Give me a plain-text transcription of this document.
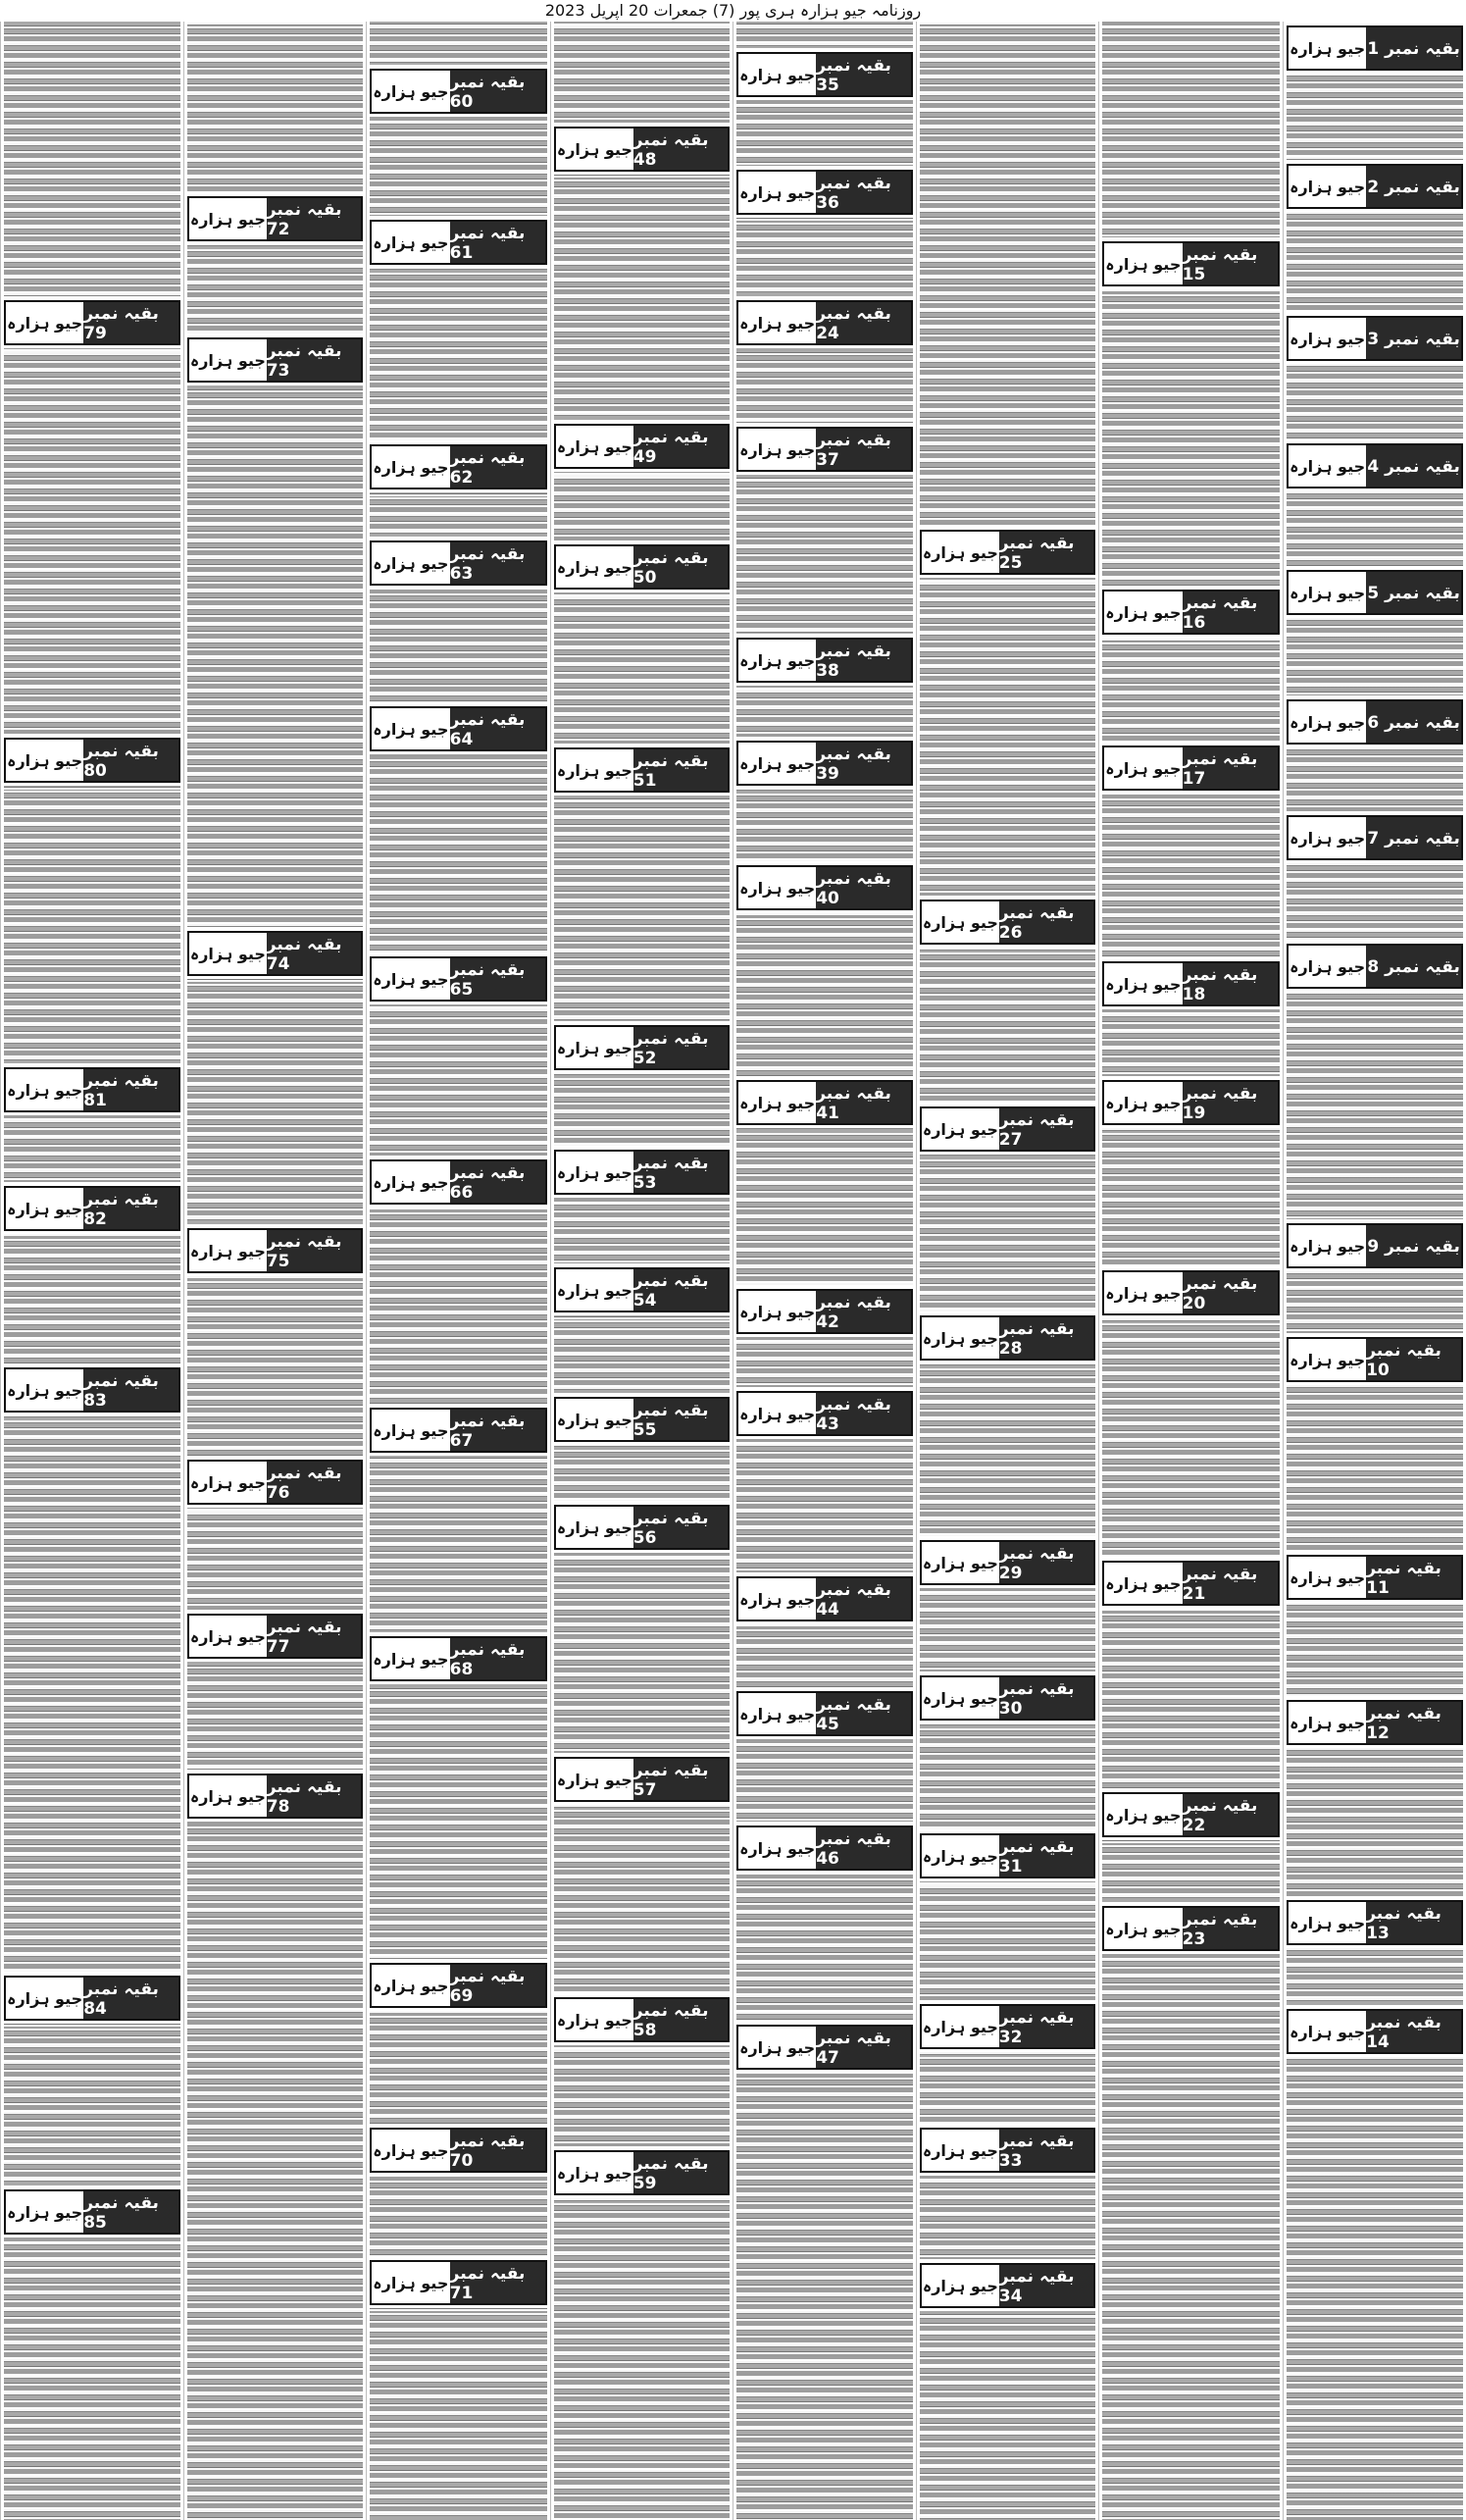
روزنامہ جیو ہزارہ ہری پور (7) جمعرات 20 اپریل 2023
جیو ہزارہ بقیہ نمبر 1
جیو ہزارہ بقیہ نمبر 2
جیو ہزارہ بقیہ نمبر 3
جیو ہزارہ بقیہ نمبر 4
جیو ہزارہ بقیہ نمبر 5
جیو ہزارہ بقیہ نمبر 6
جیو ہزارہ بقیہ نمبر 7
جیو ہزارہ بقیہ نمبر 8
جیو ہزارہ بقیہ نمبر 9
جیو ہزارہ بقیہ نمبر 10
جیو ہزارہ بقیہ نمبر 11
جیو ہزارہ بقیہ نمبر 12
جیو ہزارہ بقیہ نمبر 13
جیو ہزارہ بقیہ نمبر 14
جیو ہزارہ بقیہ نمبر 15
جیو ہزارہ بقیہ نمبر 16
جیو ہزارہ بقیہ نمبر 17
جیو ہزارہ بقیہ نمبر 18
جیو ہزارہ بقیہ نمبر 19
جیو ہزارہ بقیہ نمبر 20
جیو ہزارہ بقیہ نمبر 21
جیو ہزارہ بقیہ نمبر 22
جیو ہزارہ بقیہ نمبر 23
جیو ہزارہ بقیہ نمبر 25
جیو ہزارہ بقیہ نمبر 26
جیو ہزارہ بقیہ نمبر 27
جیو ہزارہ بقیہ نمبر 28
جیو ہزارہ بقیہ نمبر 29
جیو ہزارہ بقیہ نمبر 30
جیو ہزارہ بقیہ نمبر 31
جیو ہزارہ بقیہ نمبر 32
جیو ہزارہ بقیہ نمبر 33
جیو ہزارہ بقیہ نمبر 34
جیو ہزارہ بقیہ نمبر 35
جیو ہزارہ بقیہ نمبر 36
جیو ہزارہ بقیہ نمبر 24
جیو ہزارہ بقیہ نمبر 37
جیو ہزارہ بقیہ نمبر 38
جیو ہزارہ بقیہ نمبر 39
جیو ہزارہ بقیہ نمبر 40
جیو ہزارہ بقیہ نمبر 41
جیو ہزارہ بقیہ نمبر 42
جیو ہزارہ بقیہ نمبر 43
جیو ہزارہ بقیہ نمبر 44
جیو ہزارہ بقیہ نمبر 45
جیو ہزارہ بقیہ نمبر 46
جیو ہزارہ بقیہ نمبر 47
جیو ہزارہ بقیہ نمبر 48
جیو ہزارہ بقیہ نمبر 49
جیو ہزارہ بقیہ نمبر 50
جیو ہزارہ بقیہ نمبر 51
جیو ہزارہ بقیہ نمبر 52
جیو ہزارہ بقیہ نمبر 53
جیو ہزارہ بقیہ نمبر 54
جیو ہزارہ بقیہ نمبر 55
جیو ہزارہ بقیہ نمبر 56
جیو ہزارہ بقیہ نمبر 57
جیو ہزارہ بقیہ نمبر 58
جیو ہزارہ بقیہ نمبر 59
جیو ہزارہ بقیہ نمبر 60
جیو ہزارہ بقیہ نمبر 61
جیو ہزارہ بقیہ نمبر 62
جیو ہزارہ بقیہ نمبر 63
جیو ہزارہ بقیہ نمبر 64
جیو ہزارہ بقیہ نمبر 65
جیو ہزارہ بقیہ نمبر 66
جیو ہزارہ بقیہ نمبر 67
جیو ہزارہ بقیہ نمبر 68
جیو ہزارہ بقیہ نمبر 69
جیو ہزارہ بقیہ نمبر 70
جیو ہزارہ بقیہ نمبر 71
جیو ہزارہ بقیہ نمبر 72
جیو ہزارہ بقیہ نمبر 73
جیو ہزارہ بقیہ نمبر 74
جیو ہزارہ بقیہ نمبر 75
جیو ہزارہ بقیہ نمبر 76
جیو ہزارہ بقیہ نمبر 77
جیو ہزارہ بقیہ نمبر 78
جیو ہزارہ بقیہ نمبر 79
جیو ہزارہ بقیہ نمبر 80
جیو ہزارہ بقیہ نمبر 81
جیو ہزارہ بقیہ نمبر 82
جیو ہزارہ بقیہ نمبر 83
جیو ہزارہ بقیہ نمبر 84
جیو ہزارہ بقیہ نمبر 85
